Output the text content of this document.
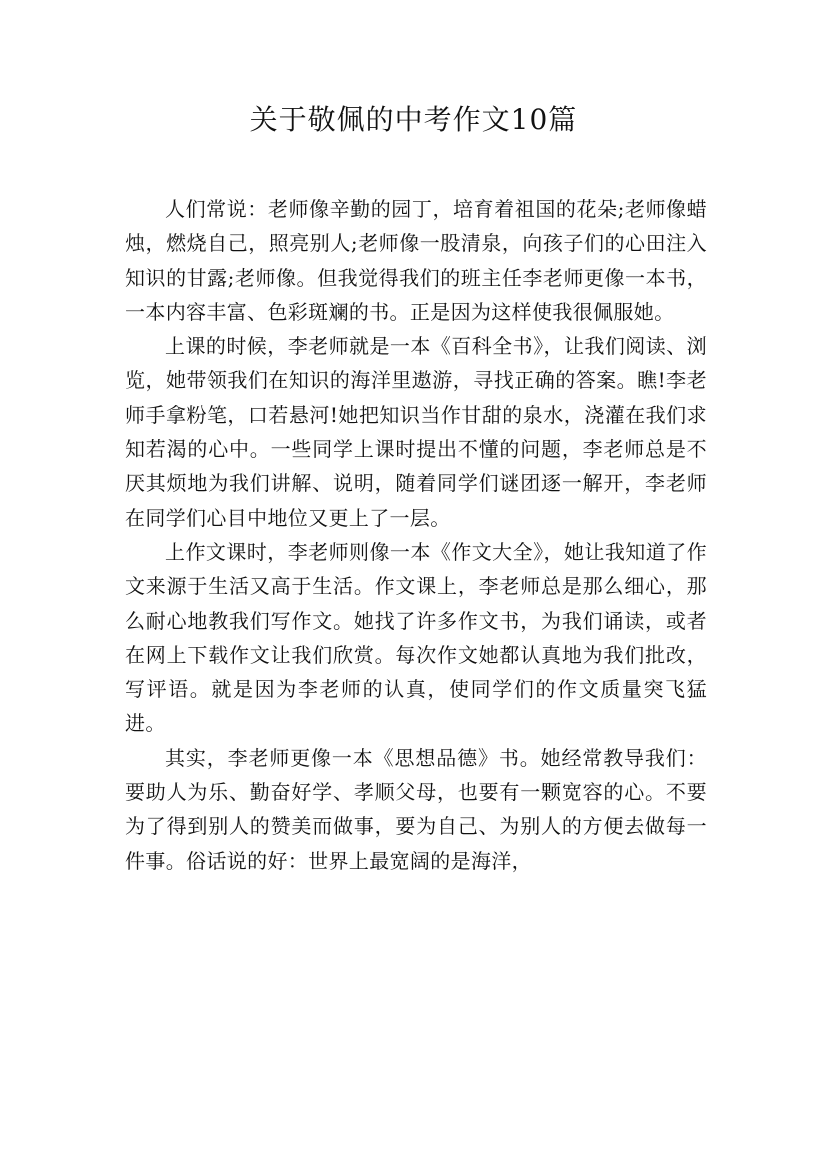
关于敬佩的中考作文10篇

人们常说：老师像辛勤的园丁，培育着祖国的花朵;老师像蜡烛，燃烧自己，照亮别人;老师像一股清泉，向孩子们的心田注入知识的甘露;老师像。但我觉得我们的班主任李老师更像一本书，一本内容丰富、色彩斑斓的书。正是因为这样使我很佩服她。

上课的时候，李老师就是一本《百科全书》，让我们阅读、浏览，她带领我们在知识的海洋里遨游，寻找正确的答案。瞧!李老师手拿粉笔，口若悬河!她把知识当作甘甜的泉水，浇灌在我们求知若渴的心中。一些同学上课时提出不懂的问题，李老师总是不厌其烦地为我们讲解、说明，随着同学们谜团逐一解开，李老师在同学们心目中地位又更上了一层。

上作文课时，李老师则像一本《作文大全》，她让我知道了作文来源于生活又高于生活。作文课上，李老师总是那么细心，那么耐心地教我们写作文。她找了许多作文书，为我们诵读，或者在网上下载作文让我们欣赏。每次作文她都认真地为我们批改，写评语。就是因为李老师的认真，使同学们的作文质量突飞猛进。

其实，李老师更像一本《思想品德》书。她经常教导我们：要助人为乐、勤奋好学、孝顺父母，也要有一颗宽容的心。不要为了得到别人的赞美而做事，要为自己、为别人的方便去做每一件事。俗话说的好：世界上最宽阔的是海洋，
